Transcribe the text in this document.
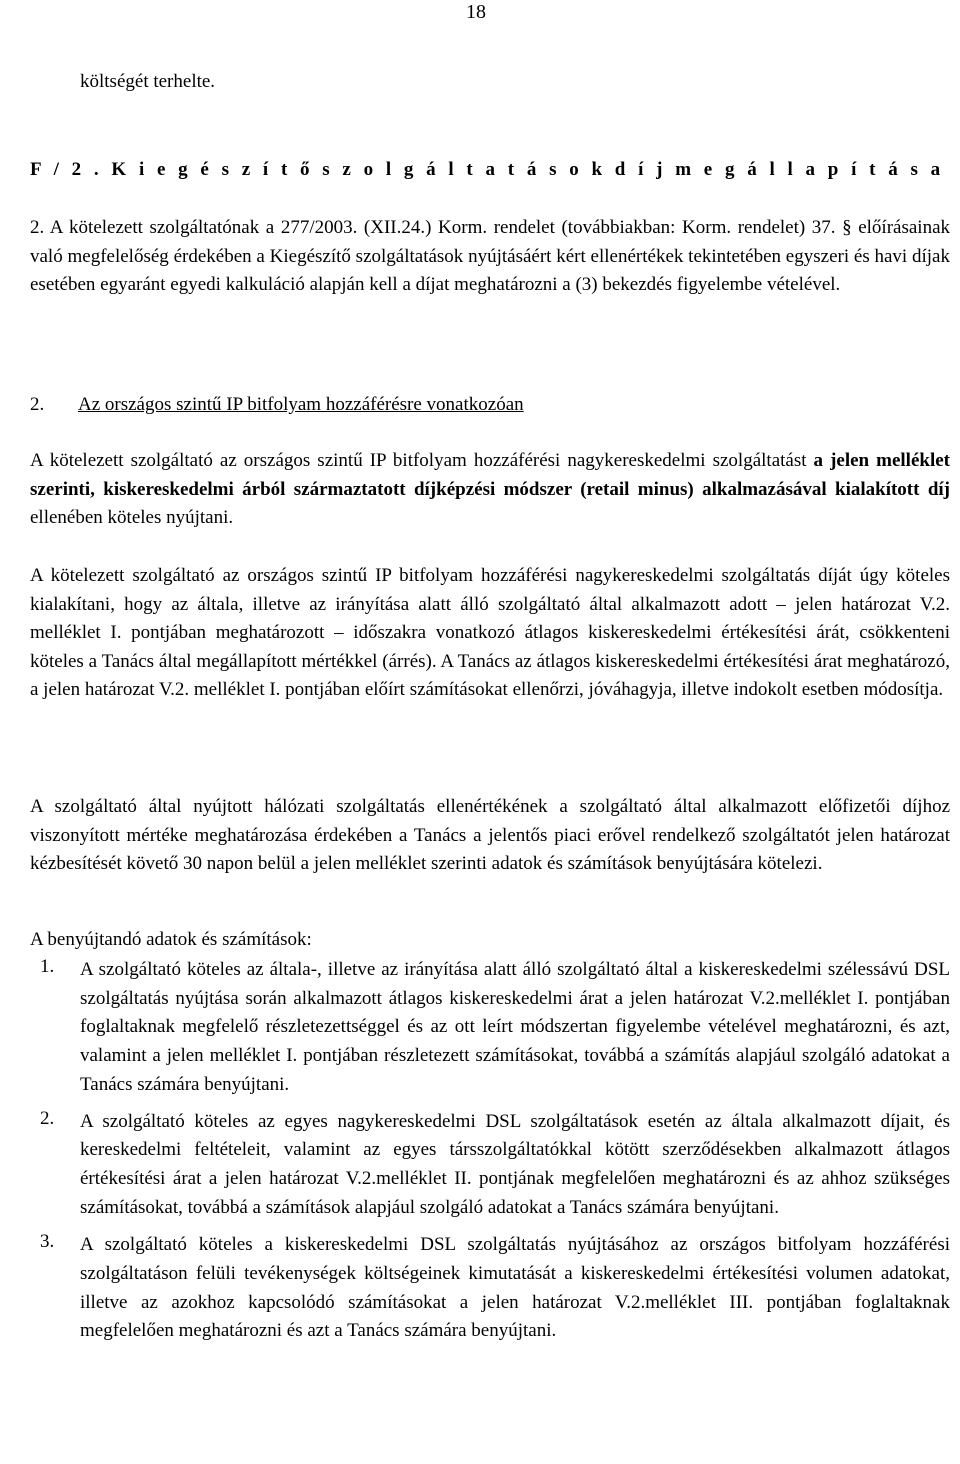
18
költségét terhelte.
F / 2 . K i e g é s z í t ő s z o l g á l t a t á s o k d í j m e g á l l a p í t á s a

2. A kötelezett szolgáltatónak a 277/2003. (XII.24.) Korm. rendelet (továbbiakban: Korm. rendelet) 37. § előírásainak való megfelelőség érdekében a Kiegészítő szolgáltatások nyújtásáért kért ellenértékek tekintetében egyszeri és havi díjak esetében egyaránt egyedi kalkuláció alapján kell a díjat meghatározni a (3) bekezdés figyelembe vételével.

2. Az országos szintű IP bitfolyam hozzáférésre vonatkozóan

A kötelezett szolgáltató az országos szintű IP bitfolyam hozzáférési nagykereskedelmi szolgáltatást a jelen melléklet szerinti, kiskereskedelmi árból származtatott díjképzési módszer (retail minus) alkalmazásával kialakított díj ellenében köteles nyújtani.

A kötelezett szolgáltató az országos szintű IP bitfolyam hozzáférési nagykereskedelmi szolgáltatás díját úgy köteles kialakítani, hogy az általa, illetve az irányítása alatt álló szolgáltató által alkalmazott adott – jelen határozat V.2. melléklet I. pontjában meghatározott – időszakra vonatkozó átlagos kiskereskedelmi értékesítési árát, csökkenteni köteles a Tanács által megállapított mértékkel (árrés). A Tanács az átlagos kiskereskedelmi értékesítési árat meghatározó, a jelen határozat V.2. melléklet I. pontjában előírt számításokat ellenőrzi, jóváhagyja, illetve indokolt esetben módosítja.

A szolgáltató által nyújtott hálózati szolgáltatás ellenértékének a szolgáltató által alkalmazott előfizetői díjhoz viszonyított mértéke meghatározása érdekében a Tanács a jelentős piaci erővel rendelkező szolgáltatót jelen határozat kézbesítését követő 30 napon belül a jelen melléklet szerinti adatok és számítások benyújtására kötelezi.

A benyújtandó adatok és számítások:

1. A szolgáltató köteles az általa-, illetve az irányítása alatt álló szolgáltató által a kiskereskedelmi szélessávú DSL szolgáltatás nyújtása során alkalmazott átlagos kiskereskedelmi árat a jelen határozat V.2.melléklet I. pontjában foglaltaknak megfelelő részletezettséggel és az ott leírt módszertan figyelembe vételével meghatározni, és azt, valamint a jelen melléklet I. pontjában részletezett számításokat, továbbá a számítás alapjául szolgáló adatokat a Tanács számára benyújtani.
2. A szolgáltató köteles az egyes nagykereskedelmi DSL szolgáltatások esetén az általa alkalmazott díjait, és kereskedelmi feltételeit, valamint az egyes társszolgáltatókkal kötött szerződésekben alkalmazott átlagos értékesítési árat a jelen határozat V.2.melléklet II. pontjának megfelelően meghatározni és az ahhoz szükséges számításokat, továbbá a számítások alapjául szolgáló adatokat a Tanács számára benyújtani.
3. A szolgáltató köteles a kiskereskedelmi DSL szolgáltatás nyújtásához az országos bitfolyam hozzáférési szolgáltatáson felüli tevékenységek költségeinek kimutatását a kiskereskedelmi értékesítési volumen adatokat, illetve az azokhoz kapcsolódó számításokat a jelen határozat V.2.melléklet III. pontjában foglaltaknak megfelelően meghatározni és azt a Tanács számára benyújtani.
